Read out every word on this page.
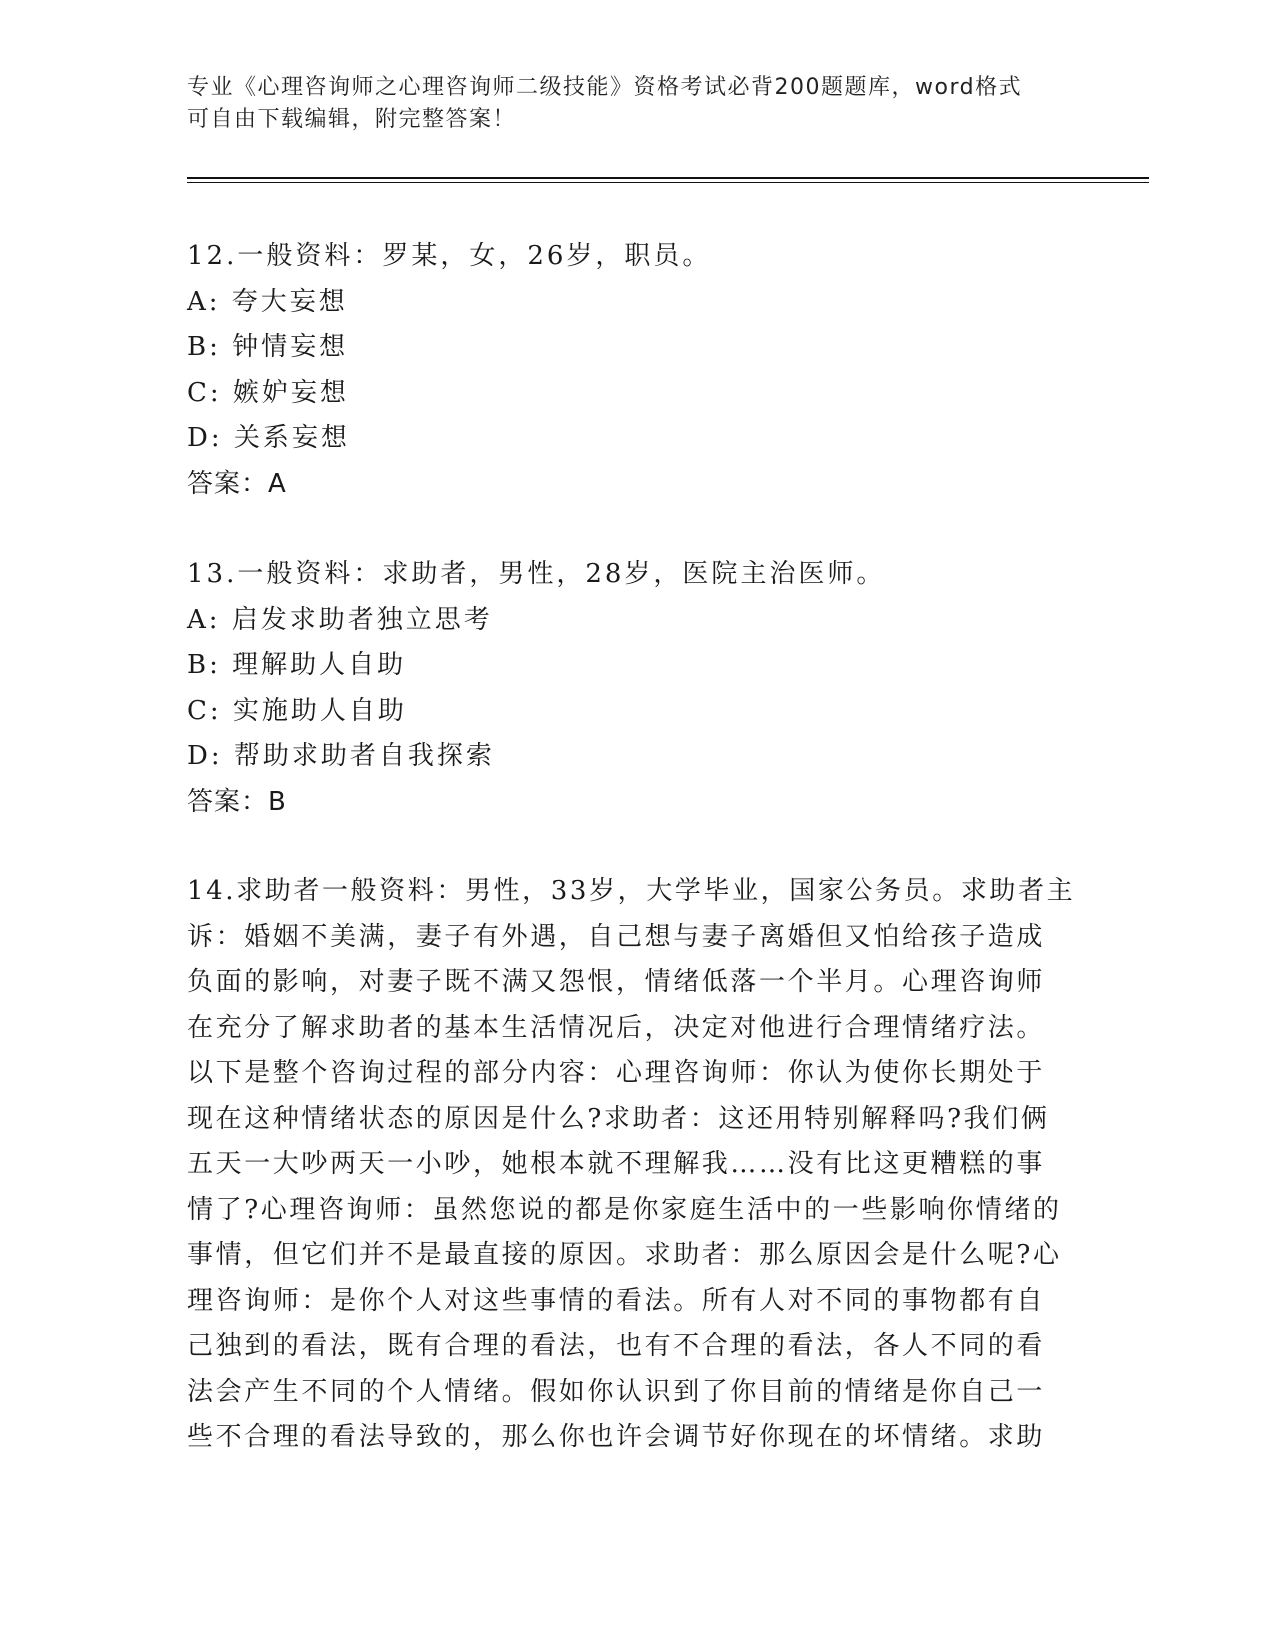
专业《心理咨询师之心理咨询师二级技能》资格考试必背200题题库，word格式
可自由下载编辑，附完整答案！
12.一般资料：罗某，女，26岁，职员。
A: 夸大妄想
B: 钟情妄想
C: 嫉妒妄想
D: 关系妄想
答案：A
13.一般资料：求助者，男性，28岁，医院主治医师。
A: 启发求助者独立思考
B: 理解助人自助
C: 实施助人自助
D: 帮助求助者自我探索
答案：B
14.求助者一般资料：男性，33岁，大学毕业，国家公务员。求助者主
诉：婚姻不美满，妻子有外遇，自己想与妻子离婚但又怕给孩子造成
负面的影响，对妻子既不满又怨恨，情绪低落一个半月。心理咨询师
在充分了解求助者的基本生活情况后，决定对他进行合理情绪疗法。
以下是整个咨询过程的部分内容：心理咨询师：你认为使你长期处于
现在这种情绪状态的原因是什么?求助者：这还用特别解释吗?我们俩
五天一大吵两天一小吵，她根本就不理解我……没有比这更糟糕的事
情了?心理咨询师：虽然您说的都是你家庭生活中的一些影响你情绪的
事情，但它们并不是最直接的原因。求助者：那么原因会是什么呢?心
理咨询师：是你个人对这些事情的看法。所有人对不同的事物都有自
己独到的看法，既有合理的看法，也有不合理的看法，各人不同的看
法会产生不同的个人情绪。假如你认识到了你目前的情绪是你自己一
些不合理的看法导致的，那么你也许会调节好你现在的坏情绪。求助
